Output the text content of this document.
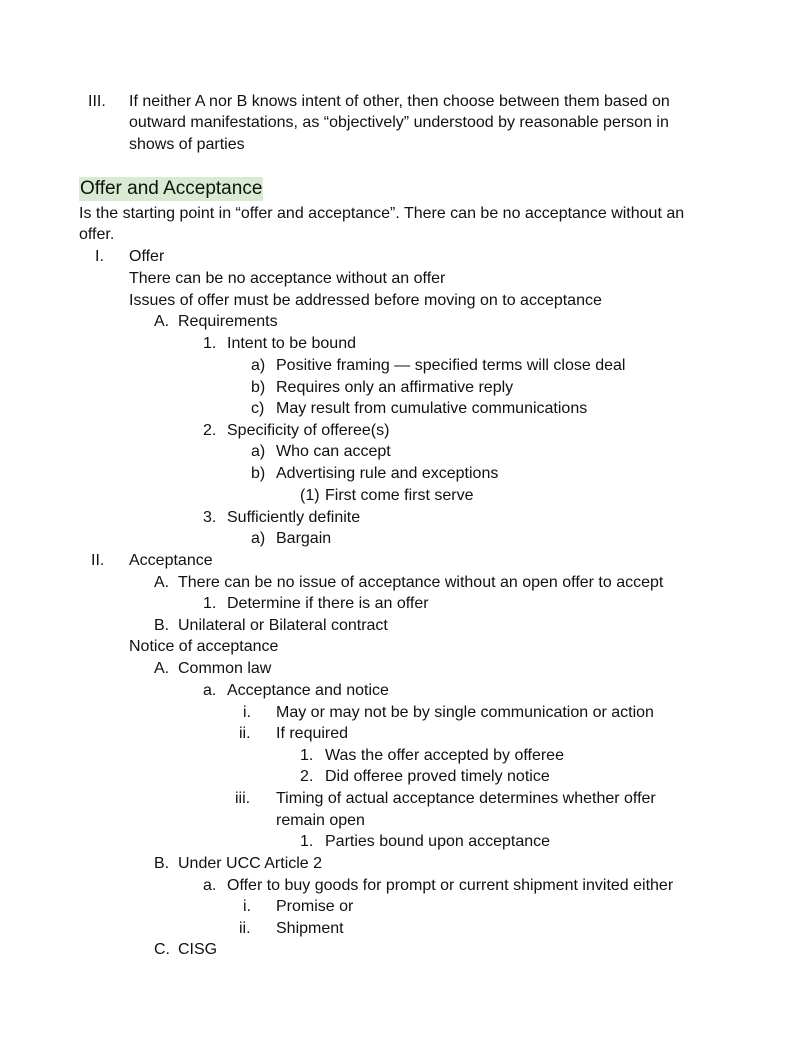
III. If neither A nor B knows intent of other, then choose between them based on
outward manifestations, as “objectively” understood by reasonable person in
shows of parties
Offer and Acceptance
Is the starting point in “offer and acceptance”. There can be no acceptance without an
offer.
I. Offer
There can be no acceptance without an offer
Issues of offer must be addressed before moving on to acceptance
A. Requirements
1. Intent to be bound
a) Positive framing — specified terms will close deal
b) Requires only an affirmative reply
c) May result from cumulative communications
2. Specificity of offeree(s)
a) Who can accept
b) Advertising rule and exceptions
(1) First come first serve
3. Sufficiently definite
a) Bargain
II. Acceptance
A. There can be no issue of acceptance without an open offer to accept
1. Determine if there is an offer
B. Unilateral or Bilateral contract
Notice of acceptance
A. Common law
a. Acceptance and notice
i. May or may not be by single communication or action
ii. If required
1. Was the offer accepted by offeree
2. Did offeree proved timely notice
iii. Timing of actual acceptance determines whether offer
remain open
1. Parties bound upon acceptance
B. Under UCC Article 2
a. Offer to buy goods for prompt or current shipment invited either
i. Promise or
ii. Shipment
C. CISG
